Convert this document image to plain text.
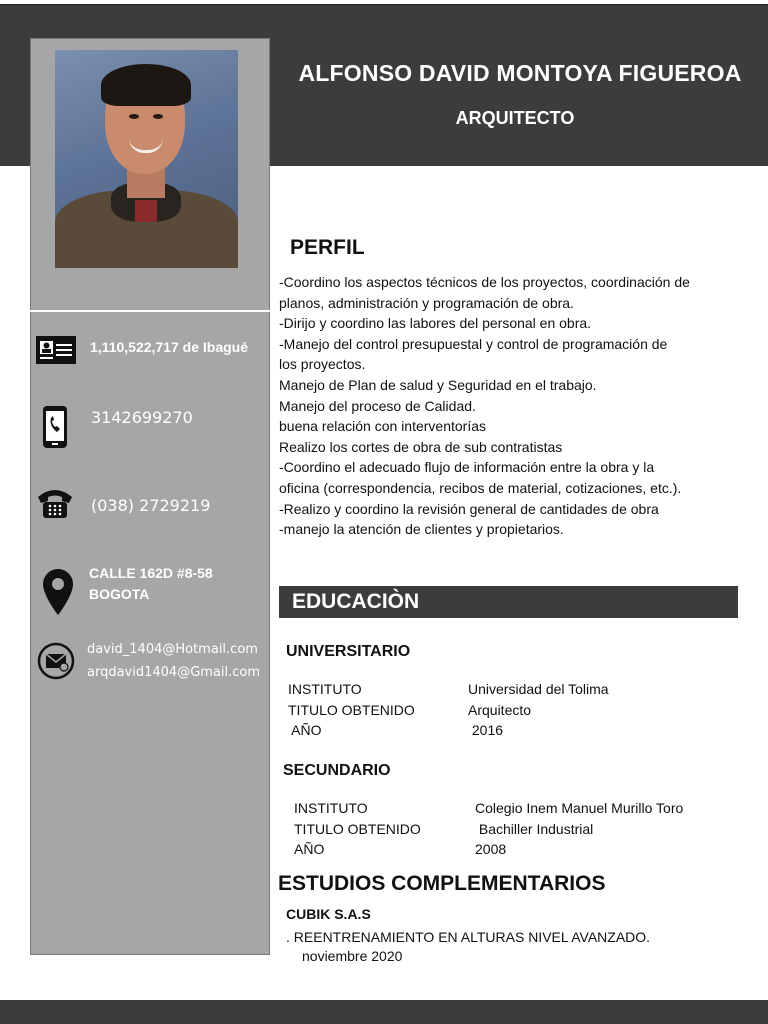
ALFONSO DAVID MONTOYA FIGUEROA
ARQUITECTO
1,110,522,717 de Ibagué
3142699270
(038) 2729219
CALLE 162D #8-58
BOGOTA
david_1404@Hotmail.com
arqdavid1404@Gmail.com
PERFIL
-Coordino los aspectos técnicos de los proyectos, coordinación de
planos, administración y programación de obra.
-Dirijo y coordino las labores del personal en obra.
-Manejo del control presupuestal y control de programación de
los proyectos.
Manejo de Plan de salud y Seguridad en el trabajo.
Manejo del proceso de Calidad.
buena relación con interventorías
Realizo los cortes de obra de sub contratistas
-Coordino el adecuado flujo de información entre la obra y la
oficina (correspondencia, recibos de material, cotizaciones, etc.).
-Realizo y coordino la revisión general de cantidades de obra
-manejo la atención de clientes y propietarios.
EDUCACIÒN
UNIVERSITARIO
INSTITUTO
TITULO OBTENIDO
AÑO
Universidad del Tolima
Arquitecto
2016
SECUNDARIO
INSTITUTO
TITULO OBTENIDO
AÑO
Colegio Inem Manuel Murillo Toro
Bachiller Industrial
2008
ESTUDIOS COMPLEMENTARIOS
CUBIK S.A.S
. REENTRENAMIENTO EN ALTURAS NIVEL AVANZADO.
noviembre 2020
